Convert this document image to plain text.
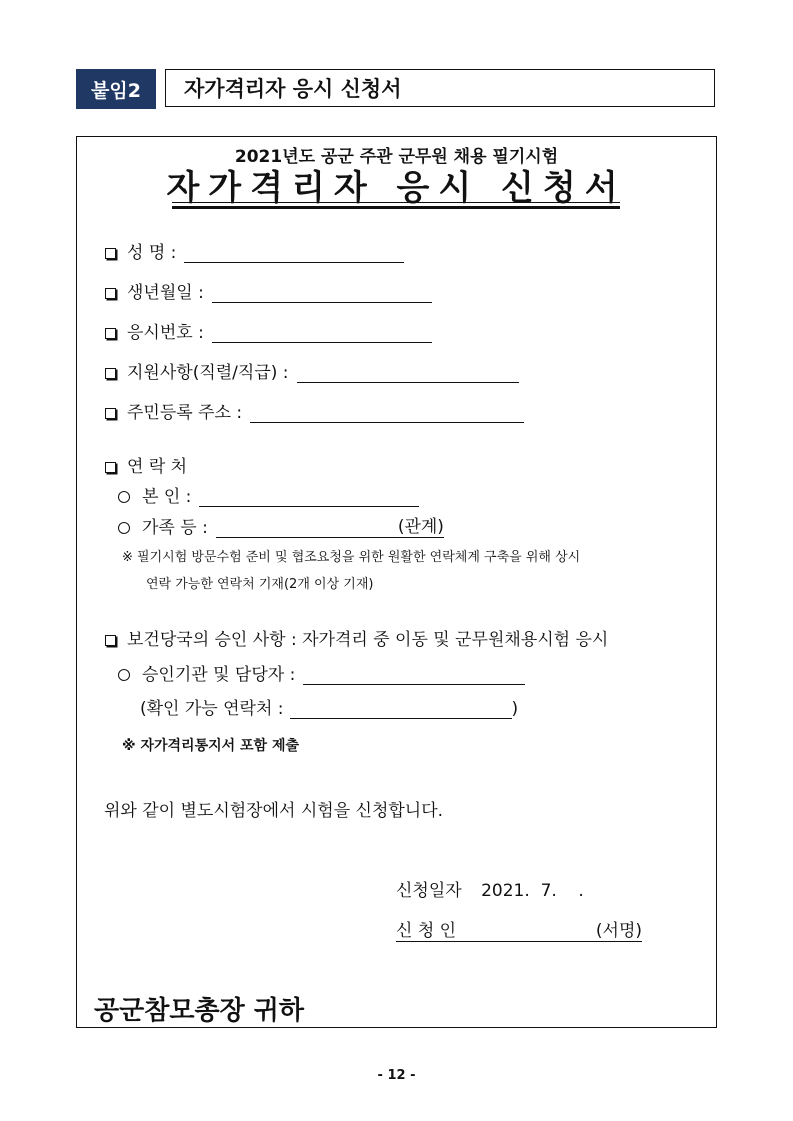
붙임2	자가격리자 응시 신청서
2021년도 공군 주관 군무원 채용 필기시험
자가격리자 응시 신청서
성 명 :
생년월일 :
응시번호 :
지원사항(직렬/직급) :
주민등록 주소 :
연 락 처
본 인 :
가족 등 :	(관계)
※ 필기시험 방문수험 준비 및 협조요청을 위한 원활한 연락체계 구축을 위해 상시
연락 가능한 연락처 기재(2개 이상 기재)
보건당국의 승인 사항 : 자가격리 중 이동 및 군무원채용시험 응시
승인기관 및 담당자 :
(확인 가능 연락처 :	)
※ 자가격리통지서 포함 제출
위와 같이 별도시험장에서 시험을 신청합니다.
신청일자 2021.  7.    .
신 청 인	(서명)
공군참모총장 귀하
- 12 -
